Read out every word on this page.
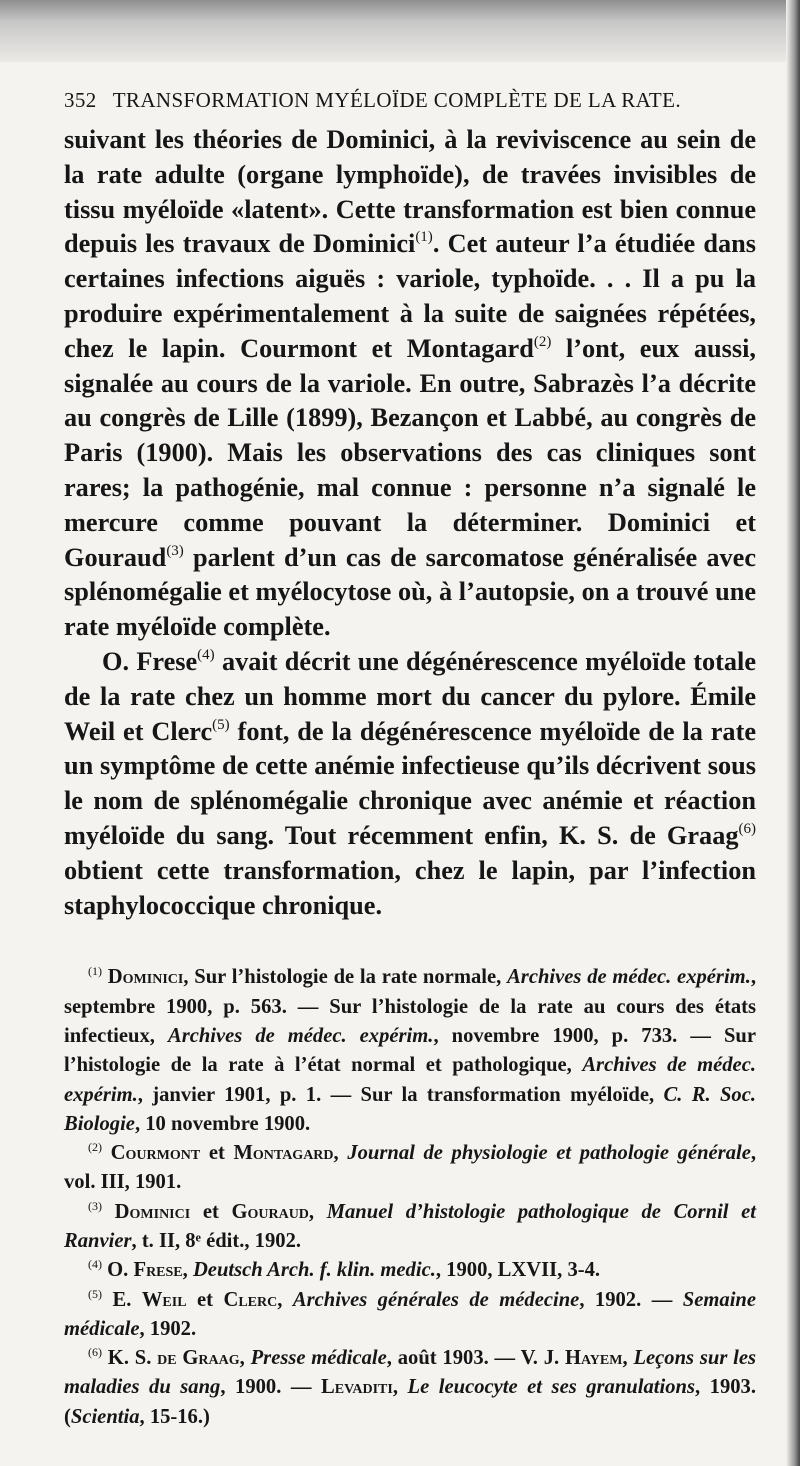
352 TRANSFORMATION MYÉLOÏDE COMPLÈTE DE LA RATE.

suivant les théories de Dominici, à la reviviscence au sein de la rate adulte (organe lymphoïde), de travées invisibles de tissu myéloïde «latent». Cette transformation est bien connue depuis les travaux de Dominici$^{(1)}$. Cet auteur l’a étudiée dans certaines infections aiguës : variole, typhoïde. . . Il a pu la produire expérimentalement à la suite de saignées répétées, chez le lapin. Courmont et Montagard$^{(2)}$ l’ont, eux aussi, signalée au cours de la variole. En outre, Sabrazès l’a décrite au congrès de Lille (1899), Bezançon et Labbé, au congrès de Paris (1900). Mais les observations des cas cliniques sont rares; la pathogénie, mal connue : personne n’a signalé le mercure comme pouvant la déterminer. Dominici et Gouraud$^{(3)}$ parlent d’un cas de sarcomatose généralisée avec splénomégalie et myélocytose où, à l’autopsie, on a trouvé une rate myéloïde complète.

O. Frese$^{(4)}$ avait décrit une dégénérescence myéloïde totale de la rate chez un homme mort du cancer du pylore. Émile Weil et Clerc$^{(5)}$ font, de la dégénérescence myéloïde de la rate un symptôme de cette anémie infectieuse qu’ils décrivent sous le nom de splénomégalie chronique avec anémie et réaction myéloïde du sang. Tout récemment enfin, K. S. de Graag$^{(6)}$ obtient cette transformation, chez le lapin, par l’infection staphylococcique chronique.

$^{(1)}$ Dominici, Sur l’histologie de la rate normale, Archives de médec. expérim., septembre 1900, p. 563. — Sur l’histologie de la rate au cours des états infectieux, Archives de médec. expérim., novembre 1900, p. 733. — Sur l’histologie de la rate à l’état normal et pathologique, Archives de médec. expérim., janvier 1901, p. 1. — Sur la transformation myéloïde, C. R. Soc. Biologie, 10 novembre 1900.

$^{(2)}$ Courmont et Montagard, Journal de physiologie et pathologie générale, vol. III, 1901.

$^{(3)}$ Dominici et Gouraud, Manuel d’histologie pathologique de Cornil et Ranvier, t. II, 8ᵉ édit., 1902.

$^{(4)}$ O. Frese, Deutsch Arch. f. klin. medic., 1900, LXVII, 3-4.

$^{(5)}$ E. Weil et Clerc, Archives générales de médecine, 1902. — Semaine médicale, 1902.

$^{(6)}$ K. S. de Graag, Presse médicale, août 1903. — V. J. Hayem, Leçons sur les maladies du sang, 1900. — Levaditi, Le leucocyte et ses granulations, 1903. (Scientia, 15-16.)
